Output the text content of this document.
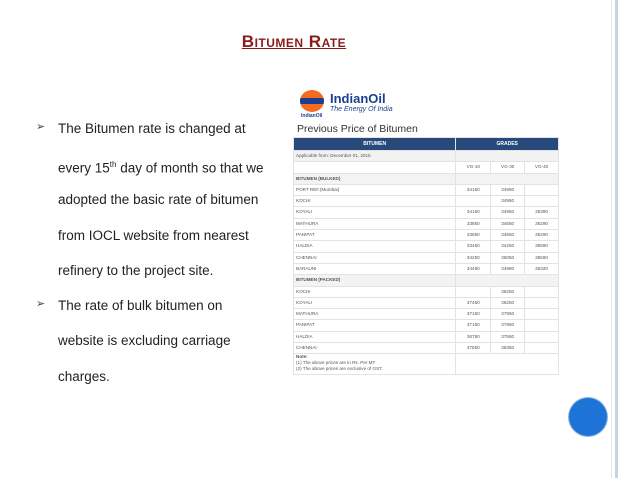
Bitumen Rate
➢ The Bitumen rate is changed at
every 15th day of month so that we
adopted the basic rate of bitumen
from IOCL website from nearest
refinery to the project site.
➢ The rate of bulk bitumen on
website is excluding carriage
charges.
IndianOil
IndianOil
The Energy Of India
Previous Price of Bitumen
BITUMEN	GRADES		
Applicable from: December 01, 2015			
	VG-10	VG-30	VG-40
BITUMEN (BULKED)			
PORT REF.(Mumbai)	34150	34950	
KOCHI		34950	
KOYALI	34150	34950	35390
MATHURA	33850	34650	35290
PANIPAT	33850	34650	35290
HALDIA	33450	34250	35590
CHENNAI	34250	35050	35590
BARAUNI	34480	34980	36320
BITUMEN (PACKED)			
KOCHI		38250	
KOYALI	37450	38250	
MATHURA	37150	37950	
PANIPAT	37150	37950	
HALDIA	36750	37550	
CHENNAI	37550	38350	

Note:
(1) The above prices are in Rs. Per MT
(2) The above prices are exclusive of GST.			
